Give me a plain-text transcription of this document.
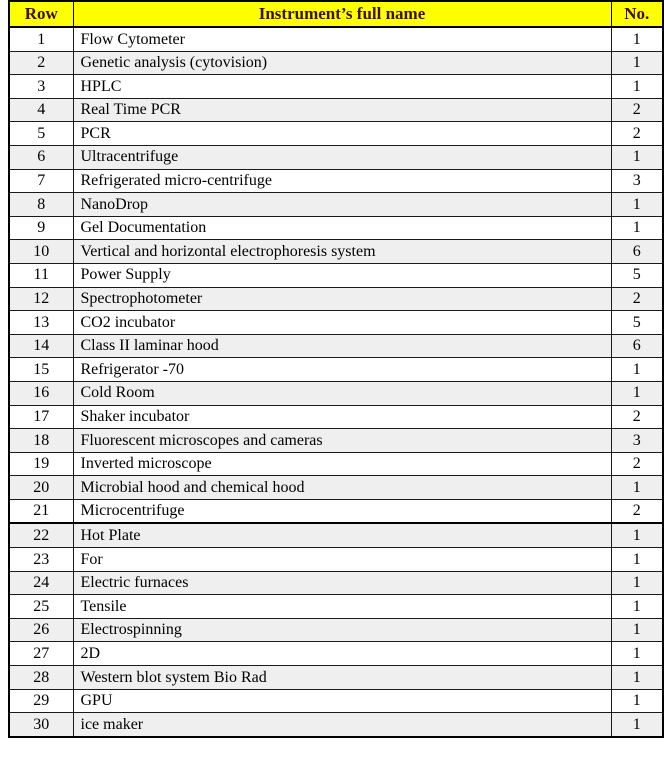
Row	Instrument’s full name	No.
1	Flow Cytometer	1
2	Genetic analysis (cytovision)	1
3	HPLC	1
4	Real Time PCR	2
5	PCR	2
6	Ultracentrifuge	1
7	Refrigerated micro-centrifuge	3
8	NanoDrop	1
9	Gel Documentation	1
10	Vertical and horizontal electrophoresis system	6
11	Power Supply	5
12	Spectrophotometer	2
13	CO2 incubator	5
14	Class II laminar hood	6
15	Refrigerator -70	1
16	Cold Room	1
17	Shaker incubator	2
18	Fluorescent microscopes and cameras	3
19	Inverted microscope	2
20	Microbial hood and chemical hood	1
21	Microcentrifuge	2
22	Hot Plate	1
23	For	1
24	Electric furnaces	1
25	Tensile	1
26	Electrospinning	1
27	2D	1
28	Western blot system Bio Rad	1
29	GPU	1
30	ice maker	1
